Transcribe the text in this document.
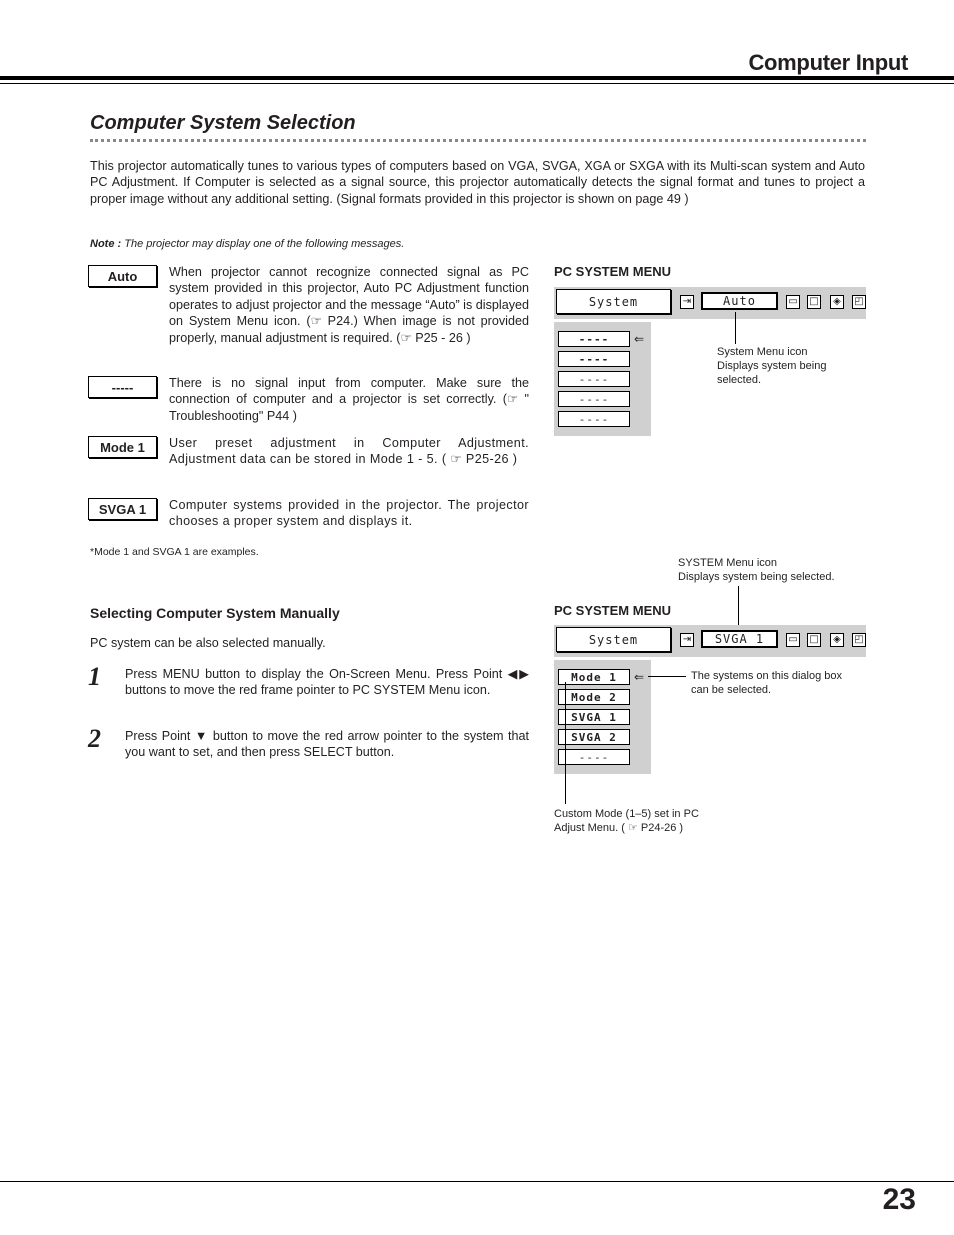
Computer Input
Computer System Selection
This projector automatically tunes to various types of computers based on VGA, SVGA, XGA or SXGA with its Multi-scan system and Auto PC Adjustment. If Computer is selected as a signal source, this projector automatically detects the signal format and tunes to project a proper image without any additional setting. (Signal formats provided in this projector is shown on page 49 )
Note : The projector may display one of the following messages.
Auto	When projector cannot recognize connected signal as PC system provided in this projector, Auto PC Adjustment function operates to adjust projector and the message “Auto” is displayed on System Menu icon. (☞ P24.) When image is not provided properly, manual adjustment is required. (☞ P25 - 26 )
-----	There is no signal input from computer. Make sure the connection of computer and a projector is set correctly. (☞ " Troubleshooting" P44 )
Mode 1	User preset adjustment in Computer Adjustment. Adjustment data can be stored in Mode 1 - 5. ( ☞ P25-26 )
SVGA 1	Computer systems provided in the projector. The projector chooses a proper system and displays it.
*Mode 1 and SVGA 1 are examples.
Selecting Computer System Manually
PC system can be also selected manually.
1 Press MENU button to display the On-Screen Menu. Press Point ◀▶ buttons to move the red frame pointer to PC SYSTEM Menu icon.
2 Press Point ▼ button to move the red arrow pointer to the system that you want to set, and then press SELECT button.
PC SYSTEM MENU
System	⇥	Auto	▭ □	◈	◰
----
----
----
----
----
⇐
System Menu icon
Displays system being
selected.
SYSTEM Menu icon
Displays system being selected.
PC SYSTEM MENU
System	⇥	SVGA 1	▭ □	◈	◰
Mode 1
Mode 2
SVGA 1
SVGA 2
----
⇐	The systems on this dialog box
can be selected.
Custom Mode (1–5) set in PC
Adjust Menu. ( ☞ P24-26 )
23
